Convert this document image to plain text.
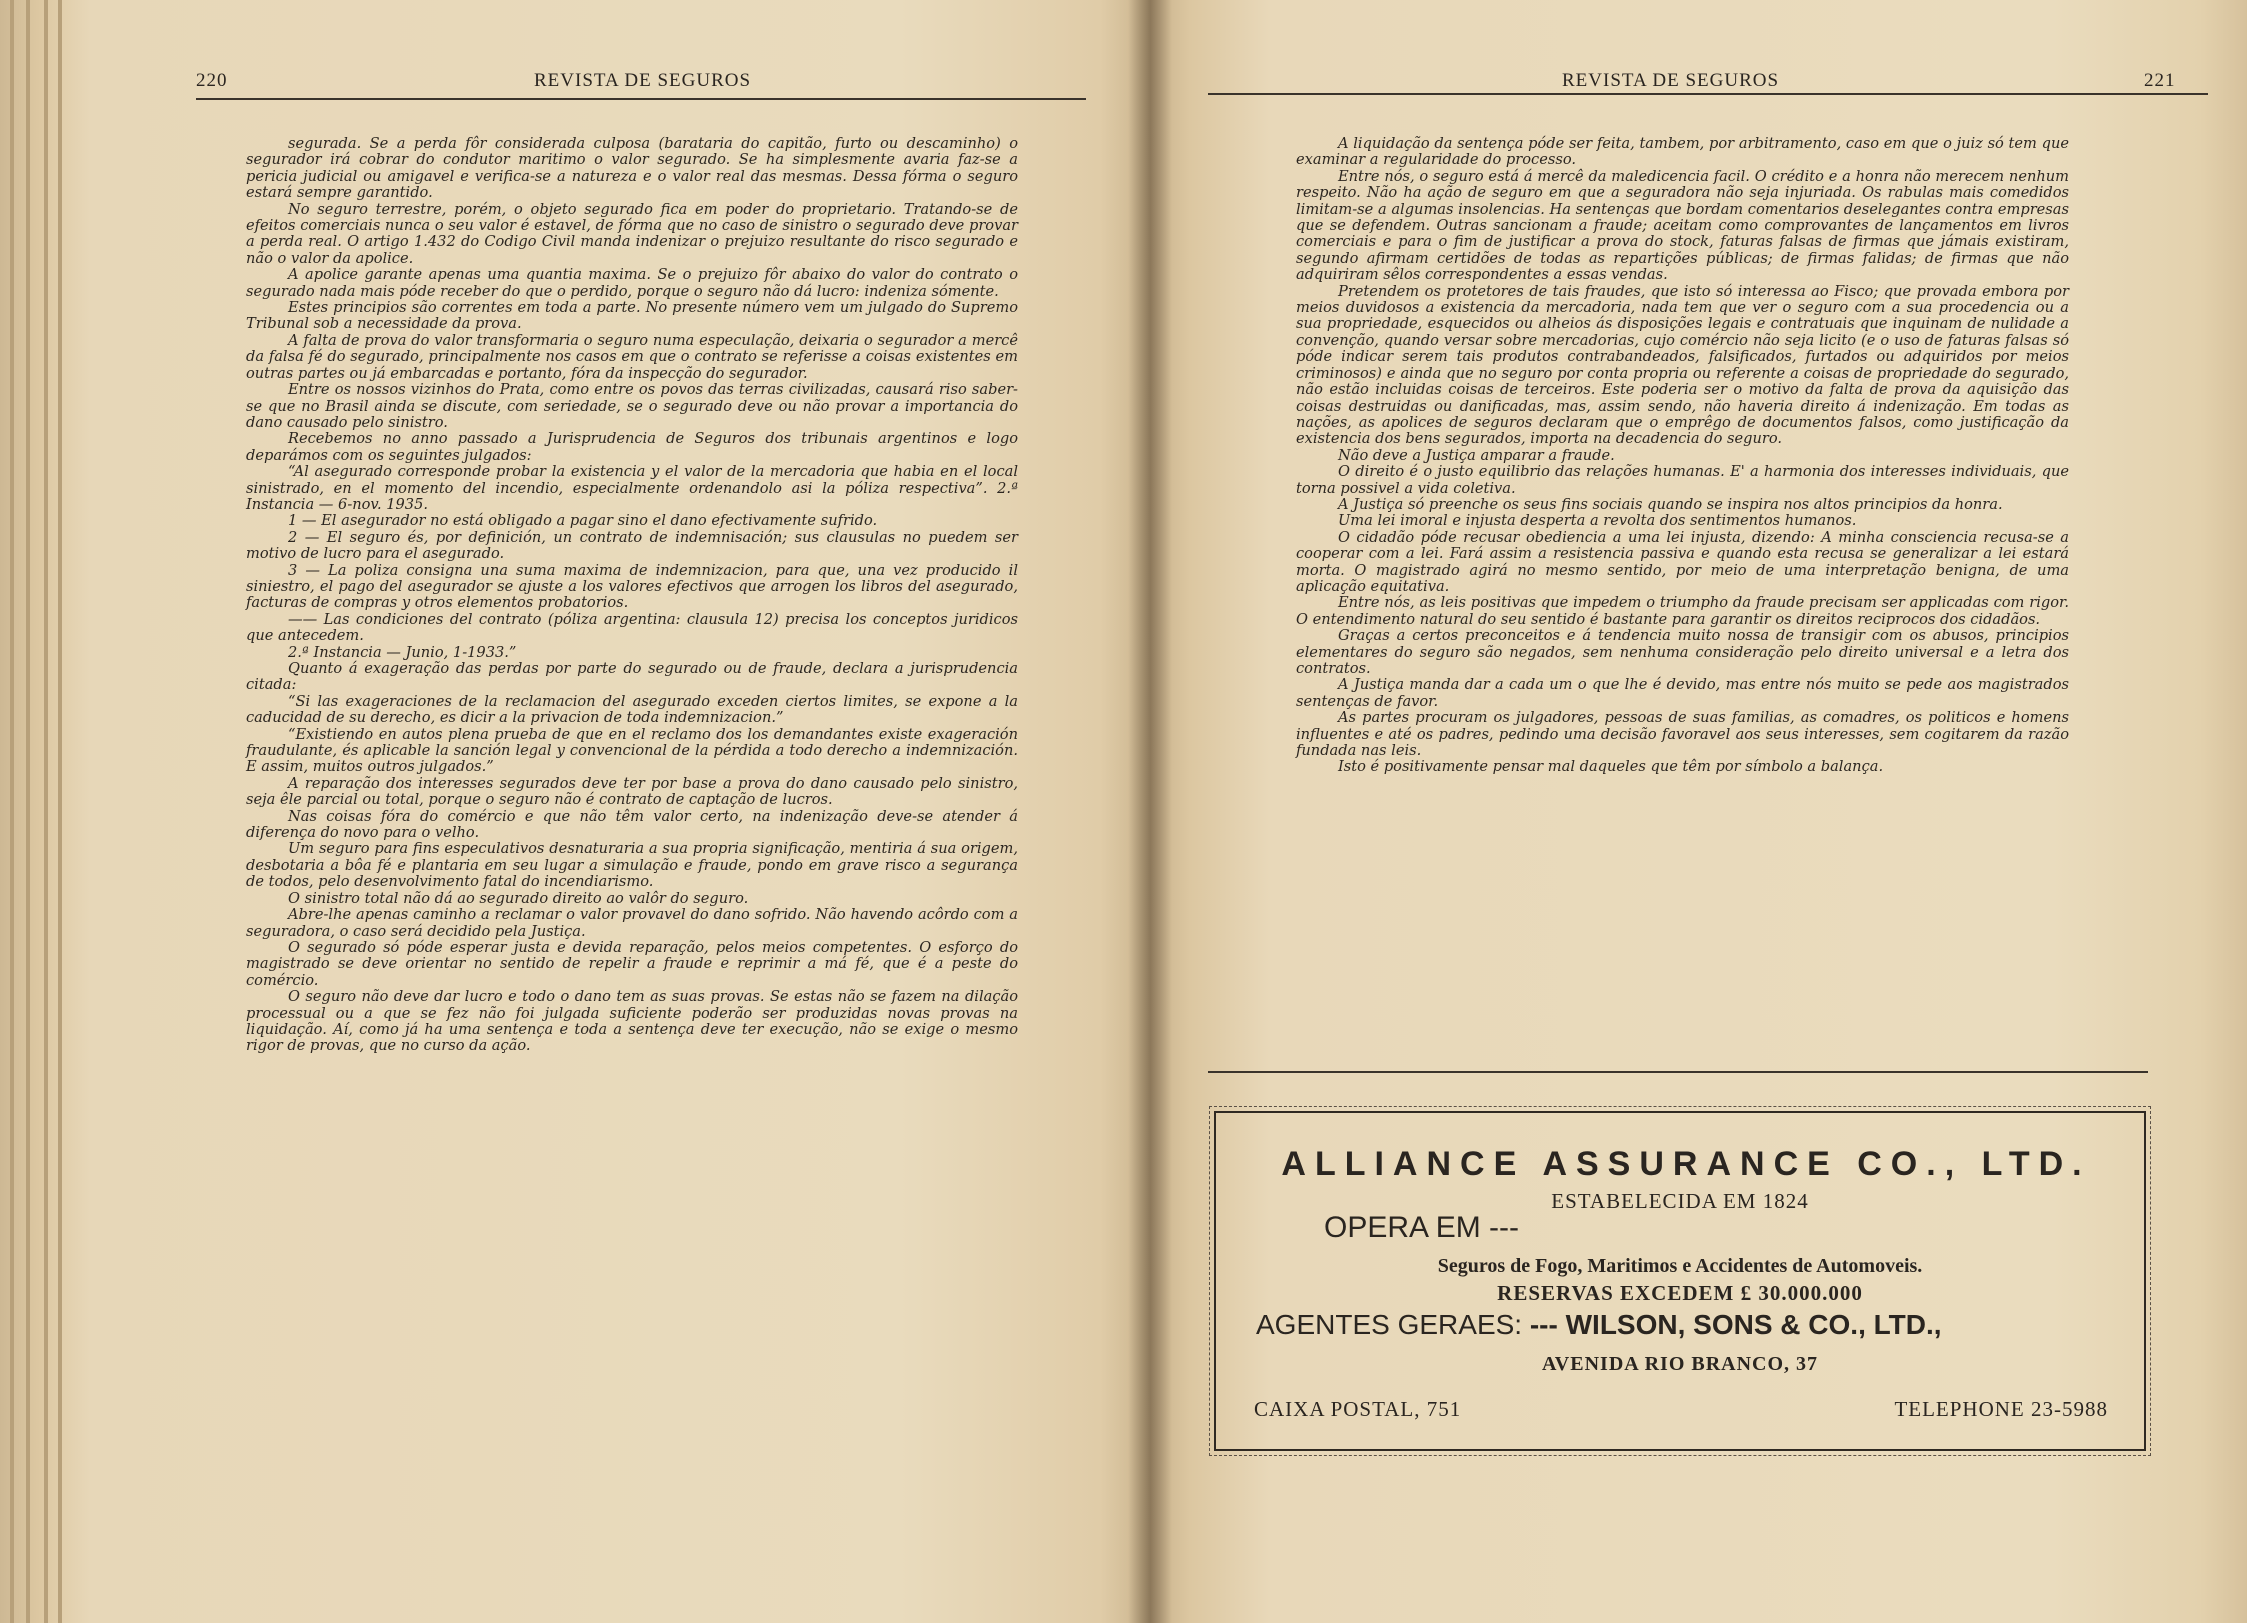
220	REVISTA DE SEGUROS

segurada. Se a perda fôr considerada culposa (barataria do capitão, furto ou descaminho) o segurador irá cobrar do condutor maritimo o valor segurado. Se ha simplesmente avaria faz-se a pericia judicial ou amigavel e verifica-se a natureza e o valor real das mesmas. Dessa fórma o seguro estará sempre garantido.

No seguro terrestre, porém, o objeto segurado fica em poder do proprietario. Tratando-se de efeitos comerciais nunca o seu valor é estavel, de fórma que no caso de sinistro o segurado deve provar a perda real. O artigo 1.432 do Codigo Civil manda indenizar o prejuizo resultante do risco segurado e não o valor da apolice.

A apolice garante apenas uma quantia maxima. Se o prejuizo fôr abaixo do valor do contrato o segurado nada mais póde receber do que o perdido, porque o seguro não dá lucro: indeniza sómente.

Estes principios são correntes em toda a parte. No presente número vem um julgado do Supremo Tribunal sob a necessidade da prova.

A falta de prova do valor transformaria o seguro numa especulação, deixaria o segurador a mercê da falsa fé do segurado, principalmente nos casos em que o contrato se referisse a coisas existentes em outras partes ou já embarcadas e portanto, fóra da inspecção do segurador.

Entre os nossos vizinhos do Prata, como entre os povos das terras civilizadas, causará riso saber-se que no Brasil ainda se discute, com seriedade, se o segurado deve ou não provar a importancia do dano causado pelo sinistro.

Recebemos no anno passado a Jurisprudencia de Seguros dos tribunais argentinos e logo deparámos com os seguintes julgados:

“Al asegurado corresponde probar la existencia y el valor de la mercadoria que habia en el local sinistrado, en el momento del incendio, especialmente ordenandolo asi la póliza respectiva”. 2.ª Instancia — 6-nov. 1935.

1 — El asegurador no está obligado a pagar sino el dano efectivamente sufrido.

2 — El seguro és, por definición, un contrato de indemnisación; sus clausulas no puedem ser motivo de lucro para el asegurado.

3 — La poliza consigna una suma maxima de indemnizacion, para que, una vez producido il siniestro, el pago del asegurador se ajuste a los valores efectivos que arrogen los libros del asegurado, facturas de compras y otros elementos probatorios.

—— Las condiciones del contrato (póliza argentina: clausula 12) precisa los conceptos juridicos que antecedem.

2.ª Instancia — Junio, 1-1933.”

Quanto á exageração das perdas por parte do segurado ou de fraude, declara a jurisprudencia citada:

“Si las exageraciones de la reclamacion del asegurado exceden ciertos limites, se expone a la caducidad de su derecho, es dicir a la privacion de toda indemnizacion.”

“Existiendo en autos plena prueba de que en el reclamo dos los demandantes existe exageración fraudulante, és aplicable la sanción legal y convencional de la pérdida a todo derecho a indemnización. E assim, muitos outros julgados.”

A reparação dos interesses segurados deve ter por base a prova do dano causado pelo sinistro, seja êle parcial ou total, porque o seguro não é contrato de captação de lucros.

Nas coisas fóra do comércio e que não têm valor certo, na indenização deve-se atender á diferença do novo para o velho.

Um seguro para fins especulativos desnaturaria a sua propria significação, mentiria á sua origem, desbotaria a bôa fé e plantaria em seu lugar a simulação e fraude, pondo em grave risco a segurança de todos, pelo desenvolvimento fatal do incendiarismo.

O sinistro total não dá ao segurado direito ao valôr do seguro.

Abre-lhe apenas caminho a reclamar o valor provavel do dano sofrido. Não havendo acôrdo com a seguradora, o caso será decidido pela Justiça.

O segurado só póde esperar justa e devida reparação, pelos meios competentes. O esforço do magistrado se deve orientar no sentido de repelir a fraude e reprimir a má fé, que é a peste do comércio.

O seguro não deve dar lucro e todo o dano tem as suas provas. Se estas não se fazem na dilação processual ou a que se fez não foi julgada suficiente poderão ser produzidas novas provas na liquidação. Aí, como já ha uma sentença e toda a sentença deve ter execução, não se exige o mesmo rigor de provas, que no curso da ação.

REVISTA DE SEGUROS	221

A liquidação da sentença póde ser feita, tambem, por arbitramento, caso em que o juiz só tem que examinar a regularidade do processo.

Entre nós, o seguro está á mercê da maledicencia facil. O crédito e a honra não merecem nenhum respeito. Não ha ação de seguro em que a seguradora não seja injuriada. Os rabulas mais comedidos limitam-se a algumas insolencias. Ha sentenças que bordam comentarios deselegantes contra empresas que se defendem. Outras sancionam a fraude; aceitam como comprovantes de lançamentos em livros comerciais e para o fim de justificar a prova do stock, faturas falsas de firmas que jámais existiram, segundo afirmam certidões de todas as repartições públicas; de firmas falidas; de firmas que não adquiriram sêlos correspondentes a essas vendas.

Pretendem os protetores de tais fraudes, que isto só interessa ao Fisco; que provada embora por meios duvidosos a existencia da mercadoria, nada tem que ver o seguro com a sua procedencia ou a sua propriedade, esquecidos ou alheios ás disposições legais e contratuais que inquinam de nulidade a convenção, quando versar sobre mercadorias, cujo comércio não seja licito (e o uso de faturas falsas só póde indicar serem tais produtos contrabandeados, falsificados, furtados ou adquiridos por meios criminosos) e ainda que no seguro por conta propria ou referente a coisas de propriedade do segurado, não estão incluidas coisas de terceiros. Este poderia ser o motivo da falta de prova da aquisição das coisas destruidas ou danificadas, mas, assim sendo, não haveria direito á indenização. Em todas as nações, as apolices de seguros declaram que o emprêgo de documentos falsos, como justificação da existencia dos bens segurados, importa na decadencia do seguro.

Não deve a Justiça amparar a fraude.

O direito é o justo equilibrio das relações humanas. E' a harmonia dos interesses individuais, que torna possivel a vida coletiva.

A Justiça só preenche os seus fins sociais quando se inspira nos altos principios da honra.

Uma lei imoral e injusta desperta a revolta dos sentimentos humanos.

O cidadão póde recusar obediencia a uma lei injusta, dizendo: A minha consciencia recusa-se a cooperar com a lei. Fará assim a resistencia passiva e quando esta recusa se generalizar a lei estará morta. O magistrado agirá no mesmo sentido, por meio de uma interpretação benigna, de uma aplicação equitativa.

Entre nós, as leis positivas que impedem o triumpho da fraude precisam ser applicadas com rigor. O entendimento natural do seu sentido é bastante para garantir os direitos reciprocos dos cidadãos.

Graças a certos preconceitos e á tendencia muito nossa de transigir com os abusos, principios elementares do seguro são negados, sem nenhuma consideração pelo direito universal e a letra dos contratos.

A Justiça manda dar a cada um o que lhe é devido, mas entre nós muito se pede aos magistrados sentenças de favor.

As partes procuram os julgadores, pessoas de suas familias, as comadres, os politicos e homens influentes e até os padres, pedindo uma decisão favoravel aos seus interesses, sem cogitarem da razão fundada nas leis.

Isto é positivamente pensar mal daqueles que têm por símbolo a balança.

ALLIANCE ASSURANCE CO., LTD.
ESTABELECIDA EM 1824
OPERA EM ---
Seguros de Fogo, Maritimos e Accidentes de Automoveis.
RESERVAS EXCEDEM £ 30.000.000
AGENTES GERAES: --- WILSON, SONS & CO., LTD.,
AVENIDA RIO BRANCO, 37
CAIXA POSTAL, 751	TELEPHONE 23-5988
